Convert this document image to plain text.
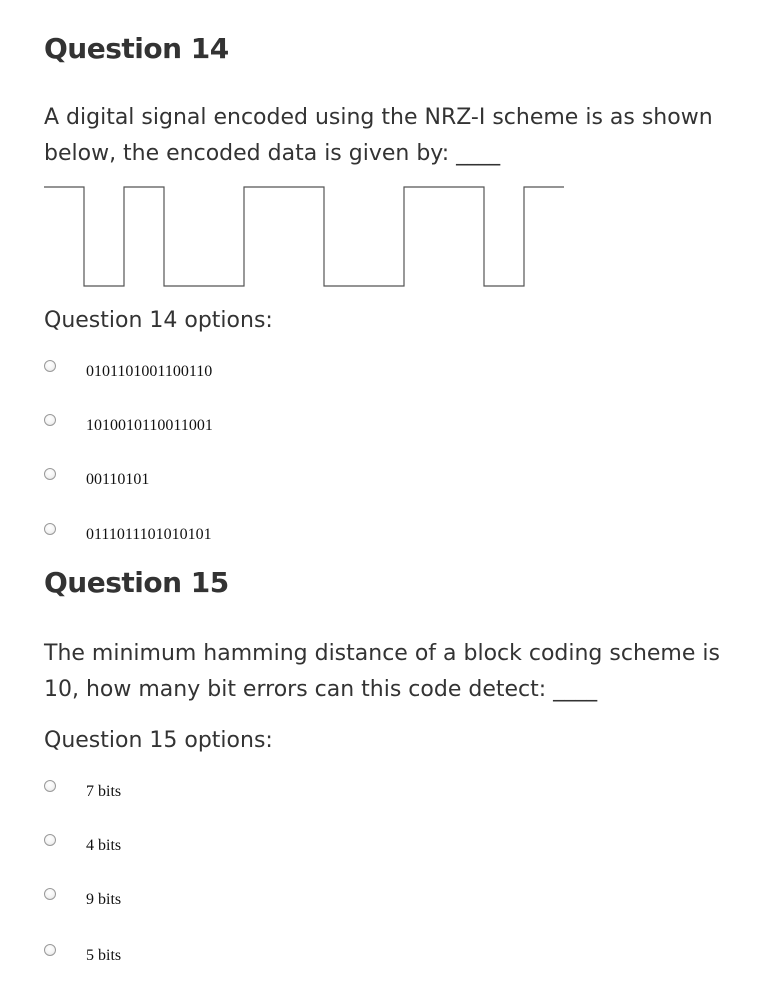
Question 14
A digital signal encoded using the NRZ-I scheme is as shown below, the encoded data is given by: ____
Question 14 options:
0101101001100110
1010010110011001
00110101
0111011101010101
Question 15
The minimum hamming distance of a block coding scheme is 10, how many bit errors can this code detect: ____
Question 15 options:
7 bits
4 bits
9 bits
5 bits
